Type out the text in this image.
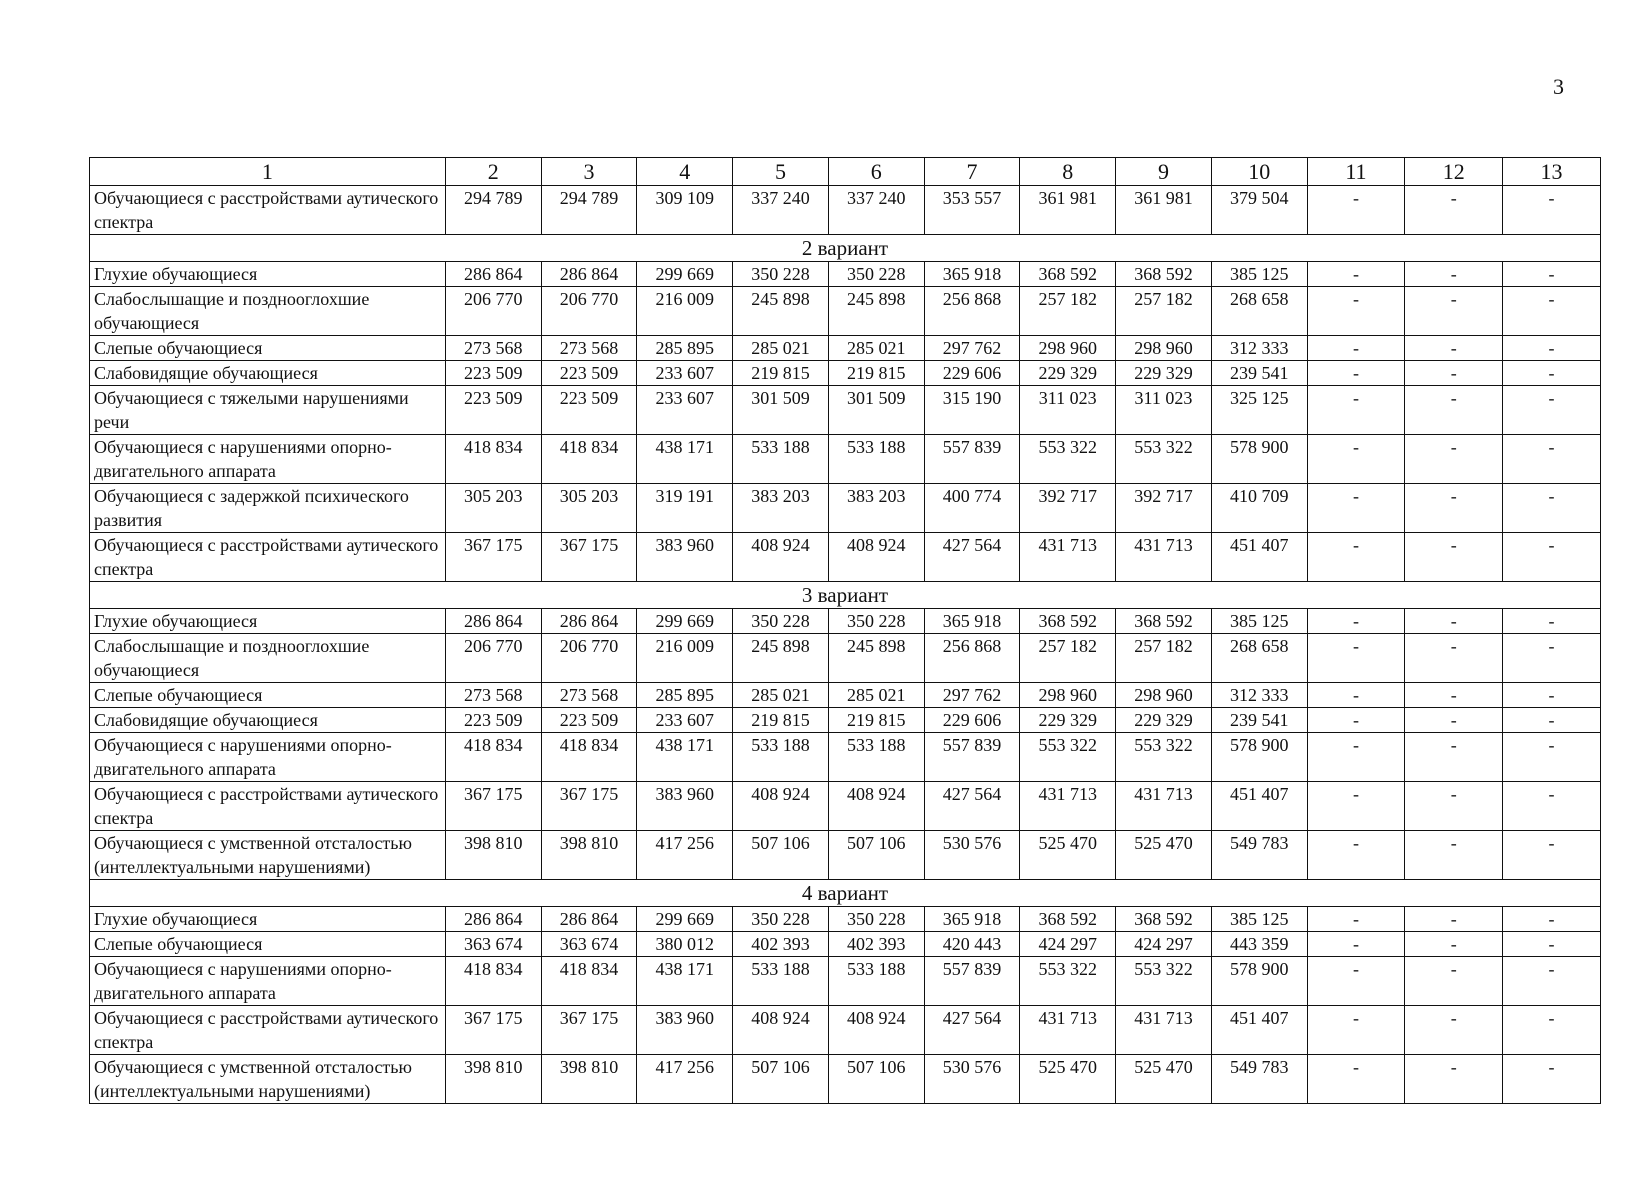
3
1	2	3	4	5	6	7	8	9	10	11	12	13
Обучающиеся с расстройствами аутического спектра	294 789	294 789	309 109	337 240	337 240	353 557	361 981	361 981	379 504	-	-	-
2 вариант												
Глухие обучающиеся	286 864	286 864	299 669	350 228	350 228	365 918	368 592	368 592	385 125	-	-	-
Слабослышащие и позднооглохшие обучающиеся	206 770	206 770	216 009	245 898	245 898	256 868	257 182	257 182	268 658	-	-	-
Слепые обучающиеся	273 568	273 568	285 895	285 021	285 021	297 762	298 960	298 960	312 333	-	-	-
Слабовидящие обучающиеся	223 509	223 509	233 607	219 815	219 815	229 606	229 329	229 329	239 541	-	-	-
Обучающиеся с тяжелыми нарушениями речи	223 509	223 509	233 607	301 509	301 509	315 190	311 023	311 023	325 125	-	-	-
Обучающиеся с нарушениями опорно-двигательного аппарата	418 834	418 834	438 171	533 188	533 188	557 839	553 322	553 322	578 900	-	-	-
Обучающиеся с задержкой психического развития	305 203	305 203	319 191	383 203	383 203	400 774	392 717	392 717	410 709	-	-	-
Обучающиеся с расстройствами аутического спектра	367 175	367 175	383 960	408 924	408 924	427 564	431 713	431 713	451 407	-	-	-
3 вариант												
Глухие обучающиеся	286 864	286 864	299 669	350 228	350 228	365 918	368 592	368 592	385 125	-	-	-
Слабослышащие и позднооглохшие обучающиеся	206 770	206 770	216 009	245 898	245 898	256 868	257 182	257 182	268 658	-	-	-
Слепые обучающиеся	273 568	273 568	285 895	285 021	285 021	297 762	298 960	298 960	312 333	-	-	-
Слабовидящие обучающиеся	223 509	223 509	233 607	219 815	219 815	229 606	229 329	229 329	239 541	-	-	-
Обучающиеся с нарушениями опорно-двигательного аппарата	418 834	418 834	438 171	533 188	533 188	557 839	553 322	553 322	578 900	-	-	-
Обучающиеся с расстройствами аутического спектра	367 175	367 175	383 960	408 924	408 924	427 564	431 713	431 713	451 407	-	-	-
Обучающиеся с умственной отсталостью (интеллектуальными нарушениями)	398 810	398 810	417 256	507 106	507 106	530 576	525 470	525 470	549 783	-	-	-
4 вариант												
Глухие обучающиеся	286 864	286 864	299 669	350 228	350 228	365 918	368 592	368 592	385 125	-	-	-
Слепые обучающиеся	363 674	363 674	380 012	402 393	402 393	420 443	424 297	424 297	443 359	-	-	-
Обучающиеся с нарушениями опорно-двигательного аппарата	418 834	418 834	438 171	533 188	533 188	557 839	553 322	553 322	578 900	-	-	-
Обучающиеся с расстройствами аутического спектра	367 175	367 175	383 960	408 924	408 924	427 564	431 713	431 713	451 407	-	-	-
Обучающиеся с умственной отсталостью (интеллектуальными нарушениями)	398 810	398 810	417 256	507 106	507 106	530 576	525 470	525 470	549 783	-	-	-
